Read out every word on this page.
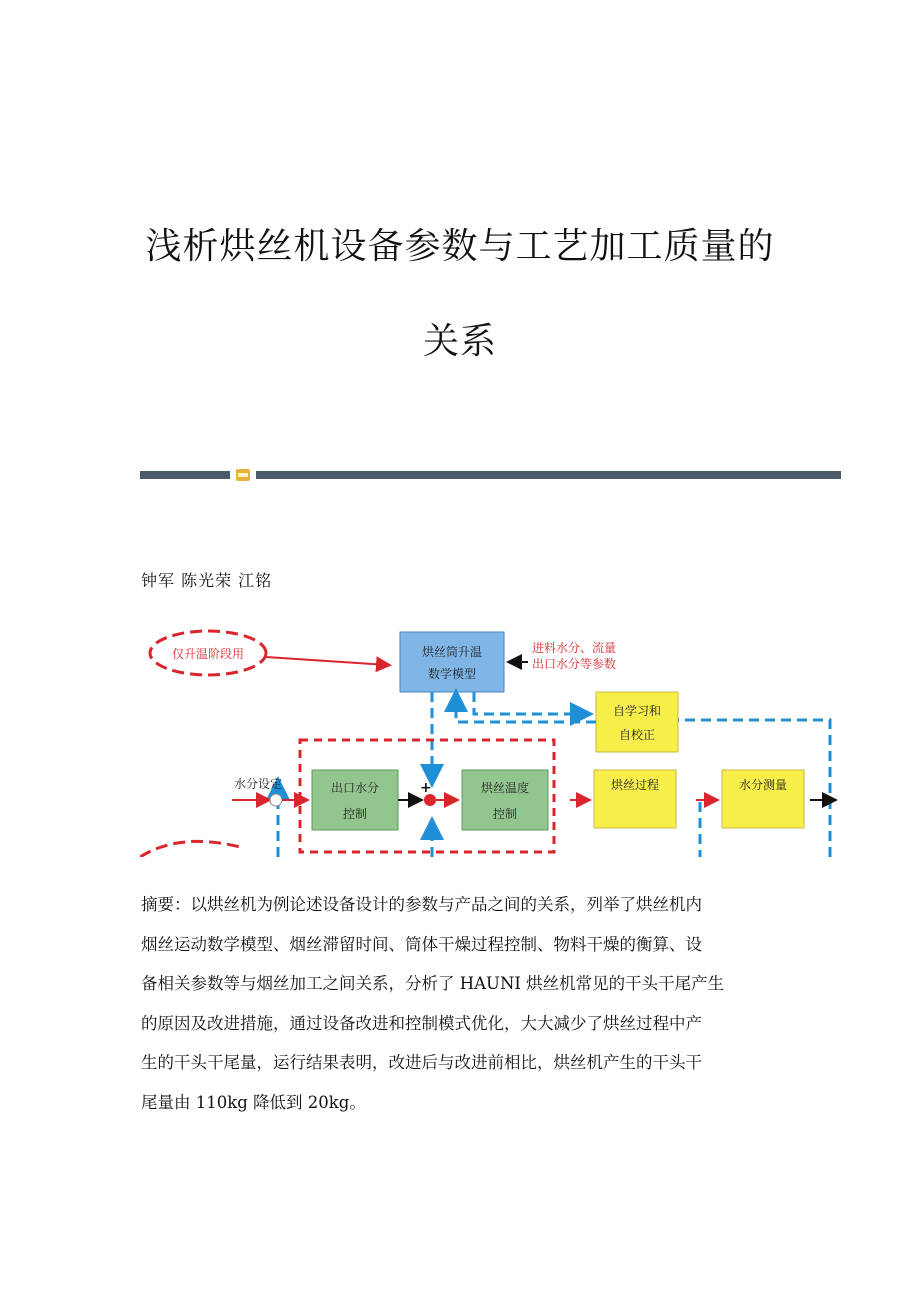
浅析烘丝机设备参数与工艺加工质量的
关系
钟军 陈光荣 江铭
仅升温阶段用	烘丝筒升温
数学模型
进料水分、流量
出口水分等参数
自学习和
自校正
水分设定	出口水分
控制
+	烘丝温度
控制
烘丝过程	水分测量

摘要：以烘丝机为例论述设备设计的参数与产品之间的关系，列举了烘丝机内
烟丝运动数学模型、烟丝滞留时间、筒体干燥过程控制、物料干燥的衡算、设
备相关参数等与烟丝加工之间关系，分析了 HAUNI 烘丝机常见的干头干尾产生
的原因及改进措施，通过设备改进和控制模式优化，大大减少了烘丝过程中产
生的干头干尾量，运行结果表明，改进后与改进前相比，烘丝机产生的干头干
尾量由 110kg 降低到 20kg。
